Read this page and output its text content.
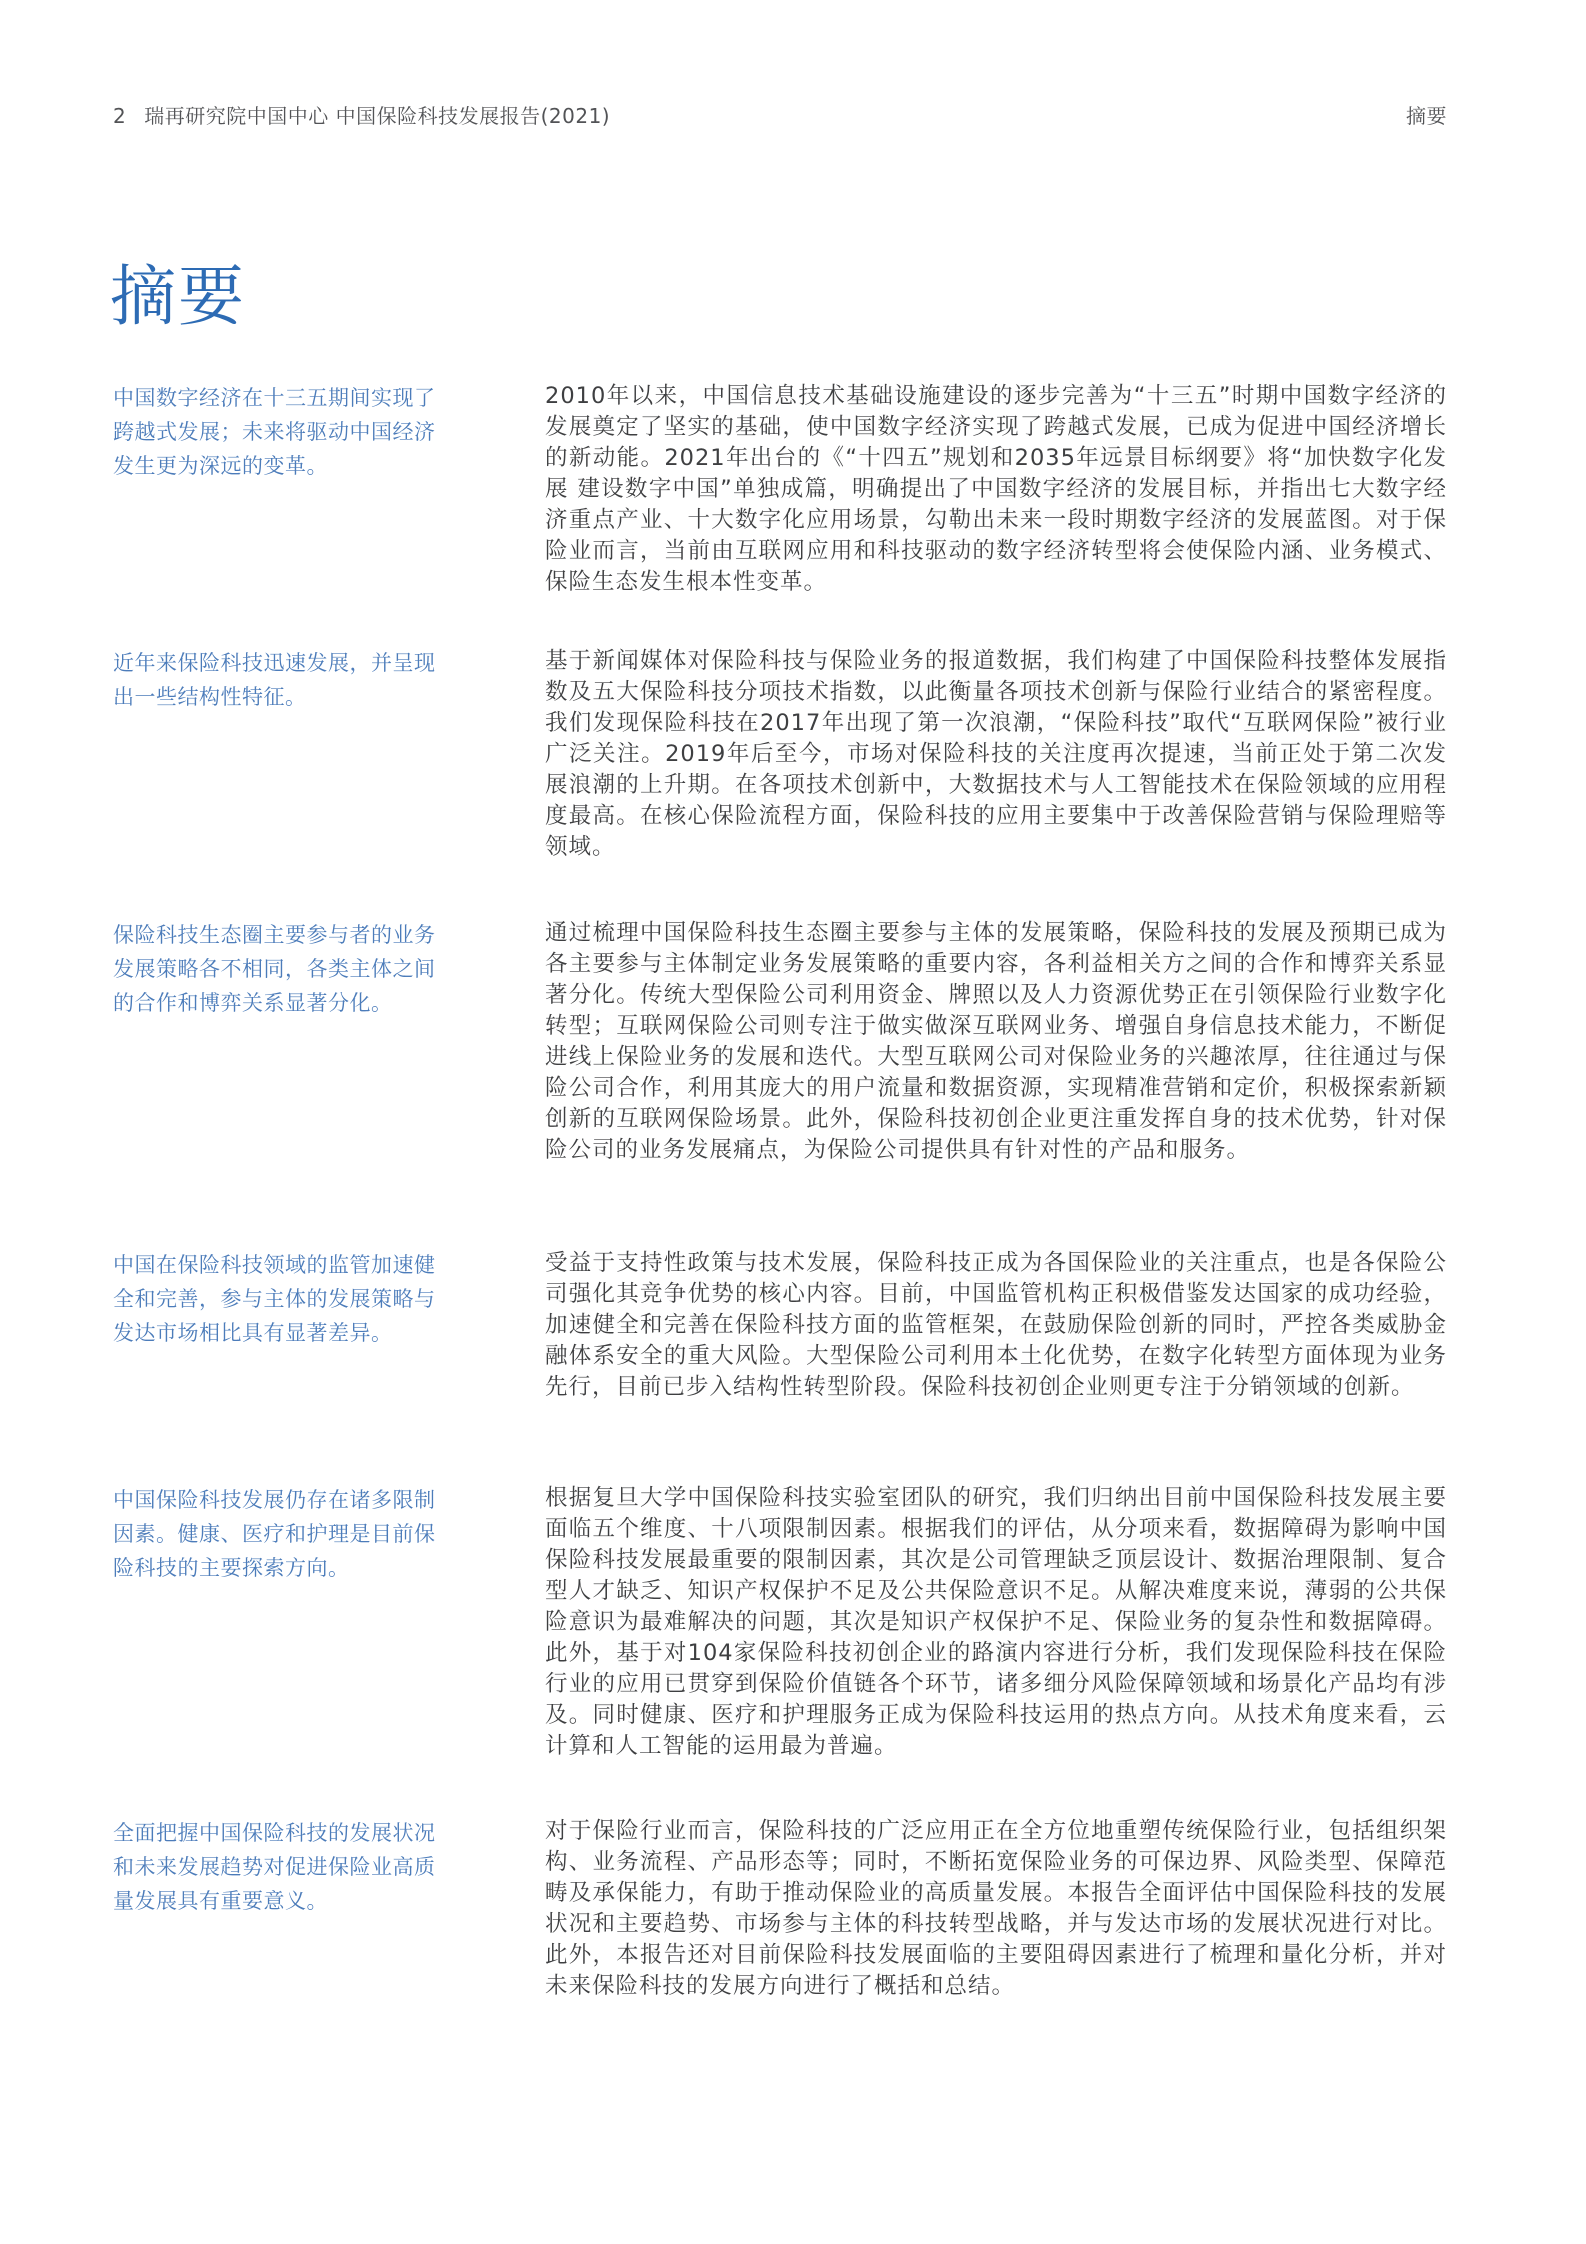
2 瑞再研究院中国中心 中国保险科技发展报告(2021)	摘要
摘要
中国数字经济在十三五期间实现了跨越式发展；未来将驱动中国经济发生更为深远的变革。

2010年以来，中国信息技术基础设施建设的逐步完善为“十三五”时期中国数字经济的发展奠定了坚实的基础，使中国数字经济实现了跨越式发展，已成为促进中国经济增长的新动能。2021年出台的《“十四五”规划和2035年远景目标纲要》将“加快数字化发展 建设数字中国”单独成篇，明确提出了中国数字经济的发展目标，并指出七大数字经济重点产业、十大数字化应用场景，勾勒出未来一段时期数字经济的发展蓝图。对于保险业而言，当前由互联网应用和科技驱动的数字经济转型将会使保险内涵、业务模式、保险生态发生根本性变革。

近年来保险科技迅速发展，并呈现出一些结构性特征。

基于新闻媒体对保险科技与保险业务的报道数据，我们构建了中国保险科技整体发展指数及五大保险科技分项技术指数，以此衡量各项技术创新与保险行业结合的紧密程度。我们发现保险科技在2017年出现了第一次浪潮，“保险科技”取代“互联网保险”被行业广泛关注。2019年后至今，市场对保险科技的关注度再次提速，当前正处于第二次发展浪潮的上升期。在各项技术创新中，大数据技术与人工智能技术在保险领域的应用程度最高。在核心保险流程方面，保险科技的应用主要集中于改善保险营销与保险理赔等领域。

保险科技生态圈主要参与者的业务发展策略各不相同，各类主体之间的合作和博弈关系显著分化。

通过梳理中国保险科技生态圈主要参与主体的发展策略，保险科技的发展及预期已成为各主要参与主体制定业务发展策略的重要内容，各利益相关方之间的合作和博弈关系显著分化。传统大型保险公司利用资金、牌照以及人力资源优势正在引领保险行业数字化转型；互联网保险公司则专注于做实做深互联网业务、增强自身信息技术能力，不断促进线上保险业务的发展和迭代。大型互联网公司对保险业务的兴趣浓厚，往往通过与保险公司合作，利用其庞大的用户流量和数据资源，实现精准营销和定价，积极探索新颖创新的互联网保险场景。此外，保险科技初创企业更注重发挥自身的技术优势，针对保险公司的业务发展痛点，为保险公司提供具有针对性的产品和服务。

中国在保险科技领域的监管加速健全和完善，参与主体的发展策略与发达市场相比具有显著差异。

受益于支持性政策与技术发展，保险科技正成为各国保险业的关注重点，也是各保险公司强化其竞争优势的核心内容。目前，中国监管机构正积极借鉴发达国家的成功经验，加速健全和完善在保险科技方面的监管框架，在鼓励保险创新的同时，严控各类威胁金融体系安全的重大风险。大型保险公司利用本土化优势，在数字化转型方面体现为业务先行，目前已步入结构性转型阶段。保险科技初创企业则更专注于分销领域的创新。

中国保险科技发展仍存在诸多限制因素。健康、医疗和护理是目前保险科技的主要探索方向。

根据复旦大学中国保险科技实验室团队的研究，我们归纳出目前中国保险科技发展主要面临五个维度、十八项限制因素。根据我们的评估，从分项来看，数据障碍为影响中国保险科技发展最重要的限制因素，其次是公司管理缺乏顶层设计、数据治理限制、复合型人才缺乏、知识产权保护不足及公共保险意识不足。从解决难度来说，薄弱的公共保险意识为最难解决的问题，其次是知识产权保护不足、保险业务的复杂性和数据障碍。此外，基于对104家保险科技初创企业的路演内容进行分析，我们发现保险科技在保险行业的应用已贯穿到保险价值链各个环节，诸多细分风险保障领域和场景化产品均有涉及。同时健康、医疗和护理服务正成为保险科技运用的热点方向。从技术角度来看，云计算和人工智能的运用最为普遍。

全面把握中国保险科技的发展状况和未来发展趋势对促进保险业高质量发展具有重要意义。

对于保险行业而言，保险科技的广泛应用正在全方位地重塑传统保险行业，包括组织架构、业务流程、产品形态等；同时，不断拓宽保险业务的可保边界、风险类型、保障范畴及承保能力，有助于推动保险业的高质量发展。本报告全面评估中国保险科技的发展状况和主要趋势、市场参与主体的科技转型战略，并与发达市场的发展状况进行对比。此外，本报告还对目前保险科技发展面临的主要阻碍因素进行了梳理和量化分析，并对未来保险科技的发展方向进行了概括和总结。
